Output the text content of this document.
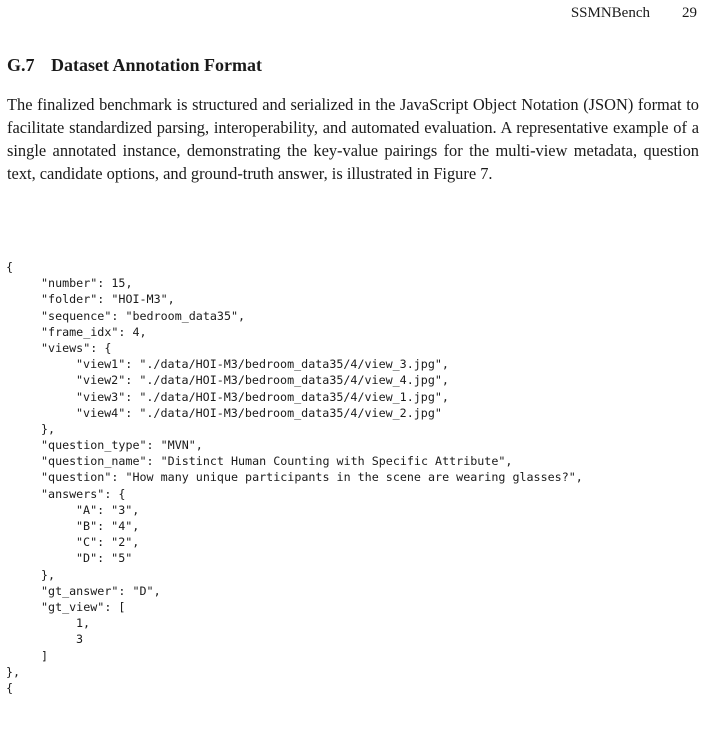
SSMNBench 29
G.7 Dataset Annotation Format

The finalized benchmark is structured and serialized in the JavaScript Object Notation (JSON) format to facilitate standardized parsing, interoperability, and automated evaluation. A representative example of a single annotated instance, demonstrating the key-value pairings for the multi-view metadata, question text, candidate options, and ground-truth answer, is illustrated in Figure 7.

{
"number": 15,
"folder": "HOI-M3",
"sequence": "bedroom_data35",
"frame_idx": 4,
"views": {
"view1": "./data/HOI-M3/bedroom_data35/4/view_3.jpg",
"view2": "./data/HOI-M3/bedroom_data35/4/view_4.jpg",
"view3": "./data/HOI-M3/bedroom_data35/4/view_1.jpg",
"view4": "./data/HOI-M3/bedroom_data35/4/view_2.jpg"
},
"question_type": "MVN",
"question_name": "Distinct Human Counting with Specific Attribute",
"question": "How many unique participants in the scene are wearing glasses?",
"answers": {
"A": "3",
"B": "4",
"C": "2",
"D": "5"
},
"gt_answer": "D",
"gt_view": [
1,
3
]
},
{
